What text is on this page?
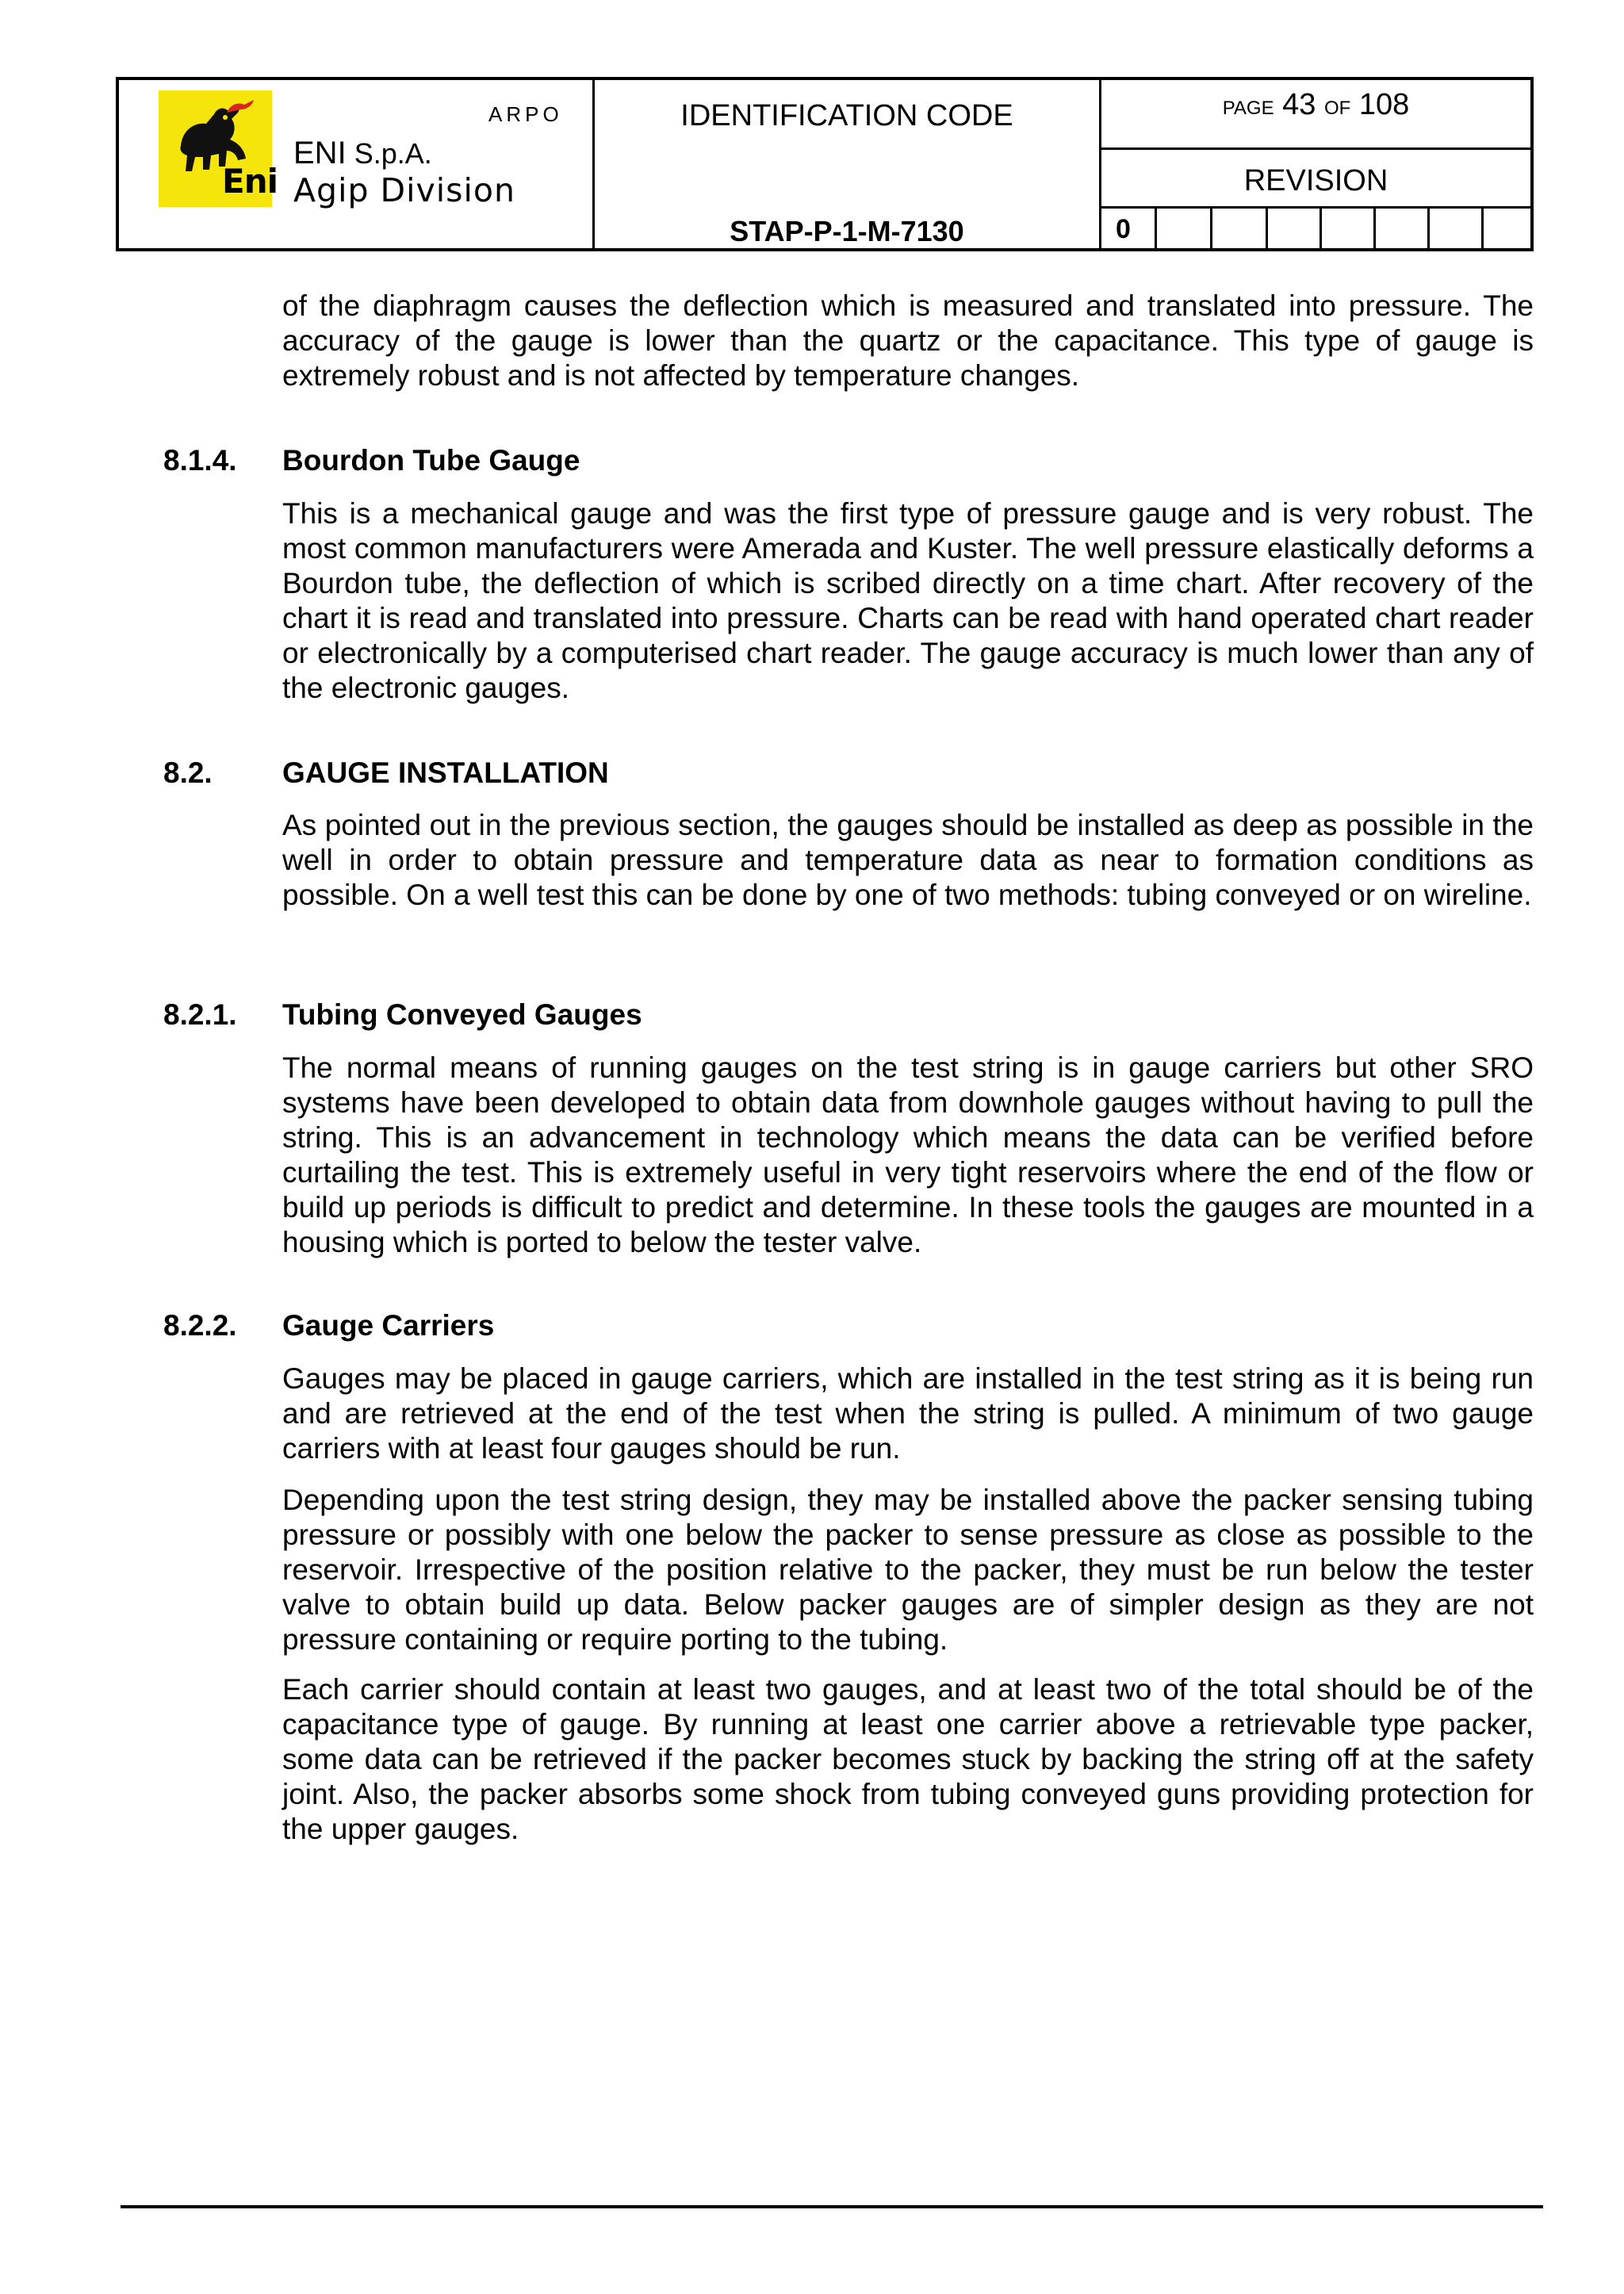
Eni
ARPO
ENI S.p.A.
Agip Division
IDENTIFICATION CODE
STAP-P-1-M-7130
PAGE 43 OF 108
REVISION
0
of the diaphragm causes the deflection which is measured and translated into pressure. The accuracy of the gauge is lower than the quartz or the capacitance. This type of gauge is extremely robust and is not affected by temperature changes.
8.1.4. Bourdon Tube Gauge
This is a mechanical gauge and was the first type of pressure gauge and is very robust. The most common manufacturers were Amerada and Kuster. The well pressure elastically deforms a Bourdon tube, the deflection of which is scribed directly on a time chart. After recovery of the chart it is read and translated into pressure. Charts can be read with hand operated chart reader or electronically by a computerised chart reader. The gauge accuracy is much lower than any of the electronic gauges.
8.2. GAUGE INSTALLATION
As pointed out in the previous section, the gauges should be installed as deep as possible in the well in order to obtain pressure and temperature data as near to formation conditions as possible. On a well test this can be done by one of two methods: tubing conveyed or on wireline.
8.2.1. Tubing Conveyed Gauges
The normal means of running gauges on the test string is in gauge carriers but other SRO systems have been developed to obtain data from downhole gauges without having to pull the string. This is an advancement in technology which means the data can be verified before curtailing the test. This is extremely useful in very tight reservoirs where the end of the flow or build up periods is difficult to predict and determine. In these tools the gauges are mounted in a housing which is ported to below the tester valve.
8.2.2. Gauge Carriers
Gauges may be placed in gauge carriers, which are installed in the test string as it is being run and are retrieved at the end of the test when the string is pulled. A minimum of two gauge carriers with at least four gauges should be run.
Depending upon the test string design, they may be installed above the packer sensing tubing pressure or possibly with one below the packer to sense pressure as close as possible to the reservoir. Irrespective of the position relative to the packer, they must be run below the tester valve to obtain build up data. Below packer gauges are of simpler design as they are not pressure containing or require porting to the tubing.
Each carrier should contain at least two gauges, and at least two of the total should be of the capacitance type of gauge. By running at least one carrier above a retrievable type packer, some data can be retrieved if the packer becomes stuck by backing the string off at the safety joint. Also, the packer absorbs some shock from tubing conveyed guns providing protection for the upper gauges.
